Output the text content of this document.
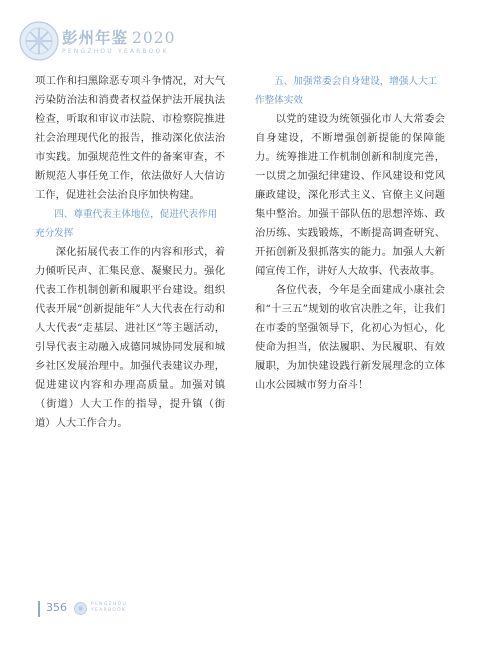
彭州年鉴 2020
PENGZHOU YEARBOOK

项工作和扫黑除恶专项斗争情况，对大气污染防治法和消费者权益保护法开展执法检查，听取和审议市法院、市检察院推进社会治理现代化的报告，推动深化依法治市实践。加强规范性文件的备案审查，不断规范人事任免工作，依法做好人大信访工作，促进社会法治良序加快构建。

四、尊重代表主体地位，促进代表作用充分发挥

深化拓展代表工作的内容和形式，着力倾听民声、汇集民意、凝聚民力。强化代表工作机制创新和履职平台建设。组织代表开展“创新提能年”人大代表在行动和人大代表“走基层、进社区”等主题活动，引导代表主动融入成德同城协同发展和城乡社区发展治理中。加强代表建议办理，促进建议内容和办理高质量。加强对镇（街道）人大工作的指导，提升镇（街道）人大工作合力。

五、加强常委会自身建设，增强人大工作整体实效

以党的建设为统领强化市人大常委会自身建设，不断增强创新提能的保障能力。统筹推进工作机制创新和制度完善，一以贯之加强纪律建设、作风建设和党风廉政建设，深化形式主义、官僚主义问题集中整治。加强干部队伍的思想淬炼、政治历练、实践锻炼，不断提高调查研究、开拓创新及狠抓落实的能力。加强人大新闻宣传工作，讲好人大故事、代表故事。

各位代表，今年是全面建成小康社会和“十三五”规划的收官决胜之年，让我们在市委的坚强领导下，化初心为恒心，化使命为担当，依法履职、为民履职、有效履职，为加快建设践行新发展理念的立体山水公园城市努力奋斗！

356	PENGZHOU
YEARBOOK
